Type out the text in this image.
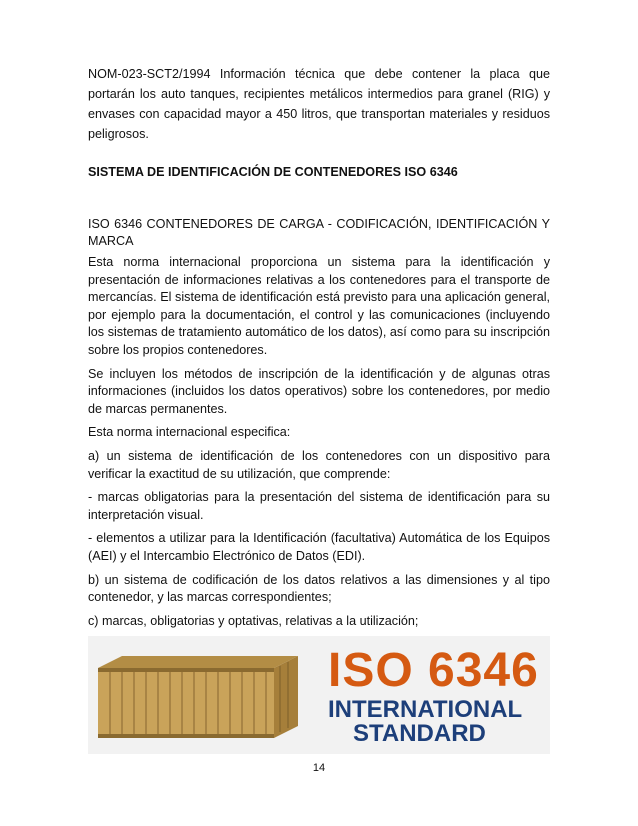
NOM-023-SCT2/1994 Información técnica que debe contener la placa que portarán los auto tanques, recipientes metálicos intermedios para granel (RIG) y envases con capacidad mayor a 450 litros, que transportan materiales y residuos peligrosos.

SISTEMA DE IDENTIFICACIÓN DE CONTENEDORES ISO 6346
ISO 6346 CONTENEDORES DE CARGA - CODIFICACIÓN, IDENTIFICACIÓN Y MARCA

Esta norma internacional proporciona un sistema para la identificación y presentación de informaciones relativas a los contenedores para el transporte de mercancías. El sistema de identificación está previsto para una aplicación general, por ejemplo para la documentación, el control y las comunicaciones (incluyendo los sistemas de tratamiento automático de los datos), así como para su inscripción sobre los propios contenedores.

Se incluyen los métodos de inscripción de la identificación y de algunas otras informaciones (incluidos los datos operativos) sobre los contenedores, por medio de marcas permanentes.

Esta norma internacional especifica:

a) un sistema de identificación de los contenedores con un dispositivo para verificar la exactitud de su utilización, que comprende:

- marcas obligatorias para la presentación del sistema de identificación para su interpretación visual.

- elementos a utilizar para la Identificación (facultativa) Automática de los Equipos (AEI) y el Intercambio Electrónico de Datos (EDI).

b) un sistema de codificación de los datos relativos a las dimensiones y al tipo contenedor, y las marcas correspondientes;

c) marcas, obligatorias y optativas, relativas a la utilización;

ISO 6346
INTERNATIONAL
STANDARD
14
